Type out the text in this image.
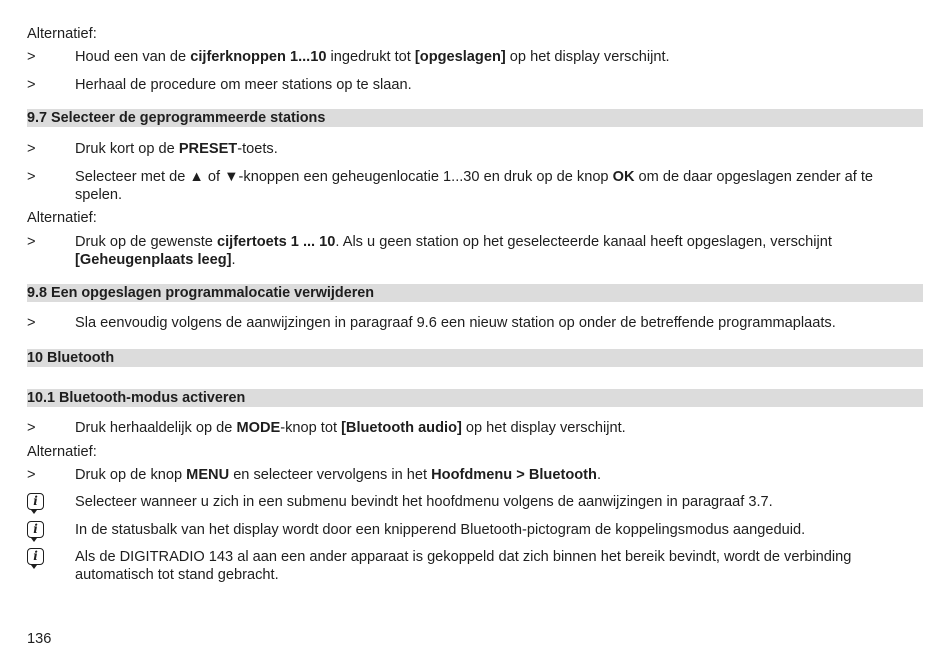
Alternatief:
>	Houd een van de cijferknoppen 1...10 ingedrukt tot [opgeslagen] op het display verschijnt.
>	Herhaal de procedure om meer stations op te slaan.
9.7 Selecteer de geprogrammeerde stations
>	Druk kort op de PRESET-toets.
>	Selecteer met de ▲ of ▼-knoppen een geheugenlocatie 1...30 en druk op de knop OK om de daar opgeslagen zender af te spelen.
Alternatief:
>	Druk op de gewenste cijfertoets 1 ... 10. Als u geen station op het geselecteerde kanaal heeft opgeslagen, verschijnt [Geheugenplaats leeg].
9.8 Een opgeslagen programmalocatie verwijderen
>	Sla eenvoudig volgens de aanwijzingen in paragraaf 9.6 een nieuw station op onder de betreffende programmaplaats.
10 Bluetooth
10.1 Bluetooth-modus activeren
>	Druk herhaaldelijk op de MODE-knop tot [Bluetooth audio] op het display verschijnt.
Alternatief:
>	Druk op de knop MENU en selecteer vervolgens in het Hoofdmenu > Bluetooth.
i	Selecteer wanneer u zich in een submenu bevindt het hoofdmenu volgens de aanwijzingen in paragraaf 3.7.
i	In de statusbalk van het display wordt door een knipperend Bluetooth-pictogram de koppelingsmodus aangeduid.
i	Als de DIGITRADIO 143 al aan een ander apparaat is gekoppeld dat zich binnen het bereik bevindt, wordt de verbinding automatisch tot stand gebracht.
136
